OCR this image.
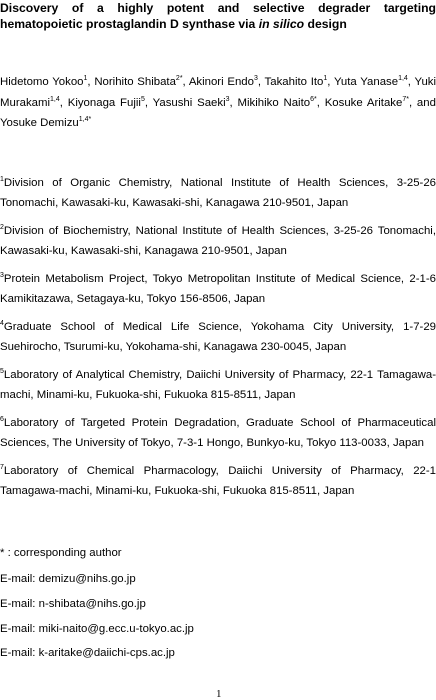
Discovery of a highly potent and selective degrader targeting hematopoietic prostaglandin D synthase via in silico design
Hidetomo Yokoo$^1$, Norihito Shibata$^{2*}$, Akinori Endo$^3$, Takahito Ito$^1$, Yuta Yanase$^{1,4}$, Yuki Murakami$^{1,4}$, Kiyonaga Fujii$^5$, Yasushi Saeki$^3$, Mikihiko Naito$^{6*}$, Kosuke Aritake$^{7*}$, and Yosuke Demizu$^{1,4*}$
$^1$Division of Organic Chemistry, National Institute of Health Sciences, 3-25-26 Tonomachi, Kawasaki-ku, Kawasaki-shi, Kanagawa 210-9501, Japan
$^2$Division of Biochemistry, National Institute of Health Sciences, 3-25-26 Tonomachi, Kawasaki-ku, Kawasaki-shi, Kanagawa 210-9501, Japan
$^3$Protein Metabolism Project, Tokyo Metropolitan Institute of Medical Science, 2-1-6 Kamikitazawa, Setagaya-ku, Tokyo 156-8506, Japan
$^4$Graduate School of Medical Life Science, Yokohama City University, 1-7-29 Suehirocho, Tsurumi-ku, Yokohama-shi, Kanagawa 230-0045, Japan
$^5$Laboratory of Analytical Chemistry, Daiichi University of Pharmacy, 22-1 Tamagawa-machi, Minami-ku, Fukuoka-shi, Fukuoka 815-8511, Japan
$^6$Laboratory of Targeted Protein Degradation, Graduate School of Pharmaceutical Sciences, The University of Tokyo, 7-3-1 Hongo, Bunkyo-ku, Tokyo 113-0033, Japan
$^7$Laboratory of Chemical Pharmacology, Daiichi University of Pharmacy, 22-1 Tamagawa-machi, Minami-ku, Fukuoka-shi, Fukuoka 815-8511, Japan
* : corresponding author
E-mail: demizu@nihs.go.jp
E-mail: n-shibata@nihs.go.jp
E-mail: miki-naito@g.ecc.u-tokyo.ac.jp
E-mail: k-aritake@daiichi-cps.ac.jp
1
